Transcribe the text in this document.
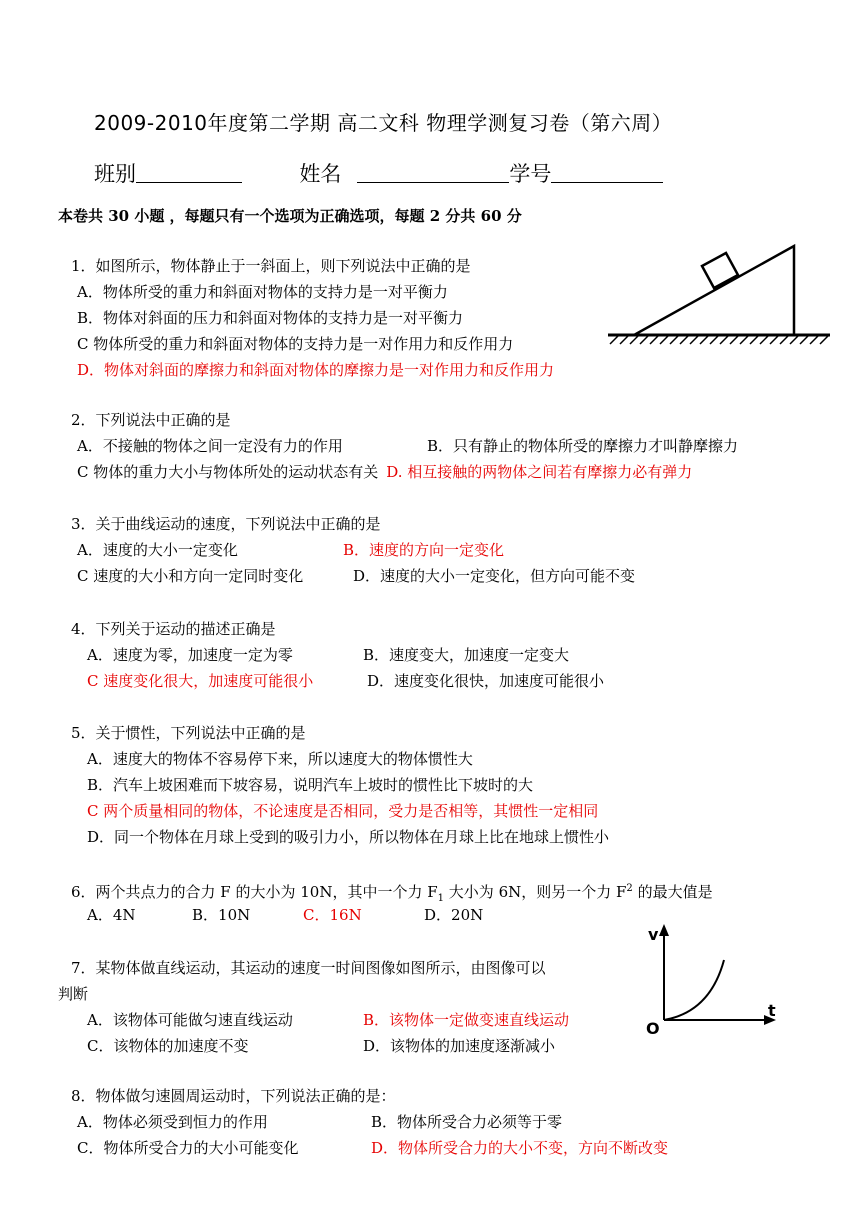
2009-2010年度第二学期 高二文科 物理学测复习卷（第六周）
班别	姓名	学号
本卷共 30 小题 ，每题只有一个选项为正确选项，每题 2 分共 60 分
1．如图所示，物体静止于一斜面上，则下列说法中正确的是
A．物体所受的重力和斜面对物体的支持力是一对平衡力
B．物体对斜面的压力和斜面对物体的支持力是一对平衡力
C 物体所受的重力和斜面对物体的支持力是一对作用力和反作用力
D．物体对斜面的摩擦力和斜面对物体的摩擦力是一对作用力和反作用力
2．下列说法中正确的是
A．不接触的物体之间一定没有力的作用	B．只有静止的物体所受的摩擦力才叫静摩擦力
C 物体的重力大小与物体所处的运动状态有关 D. 相互接触的两物体之间若有摩擦力必有弹力
3．关于曲线运动的速度，下列说法中正确的是
A．速度的大小一定变化	B．速度的方向一定变化
C 速度的大小和方向一定同时变化	D．速度的大小一定变化，但方向可能不变
4．下列关于运动的描述正确是
A．速度为零，加速度一定为零	B．速度变大，加速度一定变大
C 速度变化很大，加速度可能很小	D．速度变化很快，加速度可能很小
5．关于惯性，下列说法中正确的是
A．速度大的物体不容易停下来，所以速度大的物体惯性大
B．汽车上坡困难而下坡容易，说明汽车上坡时的惯性比下坡时的大
C 两个质量相同的物体，不论速度是否相同，受力是否相等，其惯性一定相同
D．同一个物体在月球上受到的吸引力小，所以物体在月球上比在地球上惯性小
6．两个共点力的合力 F 的大小为 10N，其中一个力 $F_1$ 大小为 6N，则另一个力 $F^2$ 的最大值是
A．4N	B．10N	C．16N	D．20N
7．某物体做直线运动，其运动的速度一时间图像如图所示，由图像可以
判断
A．该物体可能做匀速直线运动	B．该物体一定做变速直线运动
C．该物体的加速度不变	D．该物体的加速度逐渐减小
v
t
O
8．物体做匀速圆周运动时，下列说法正确的是：
A．物体必须受到恒力的作用	B．物体所受合力必须等于零
C．物体所受合力的大小可能变化	D．物体所受合力的大小不变，方向不断改变
